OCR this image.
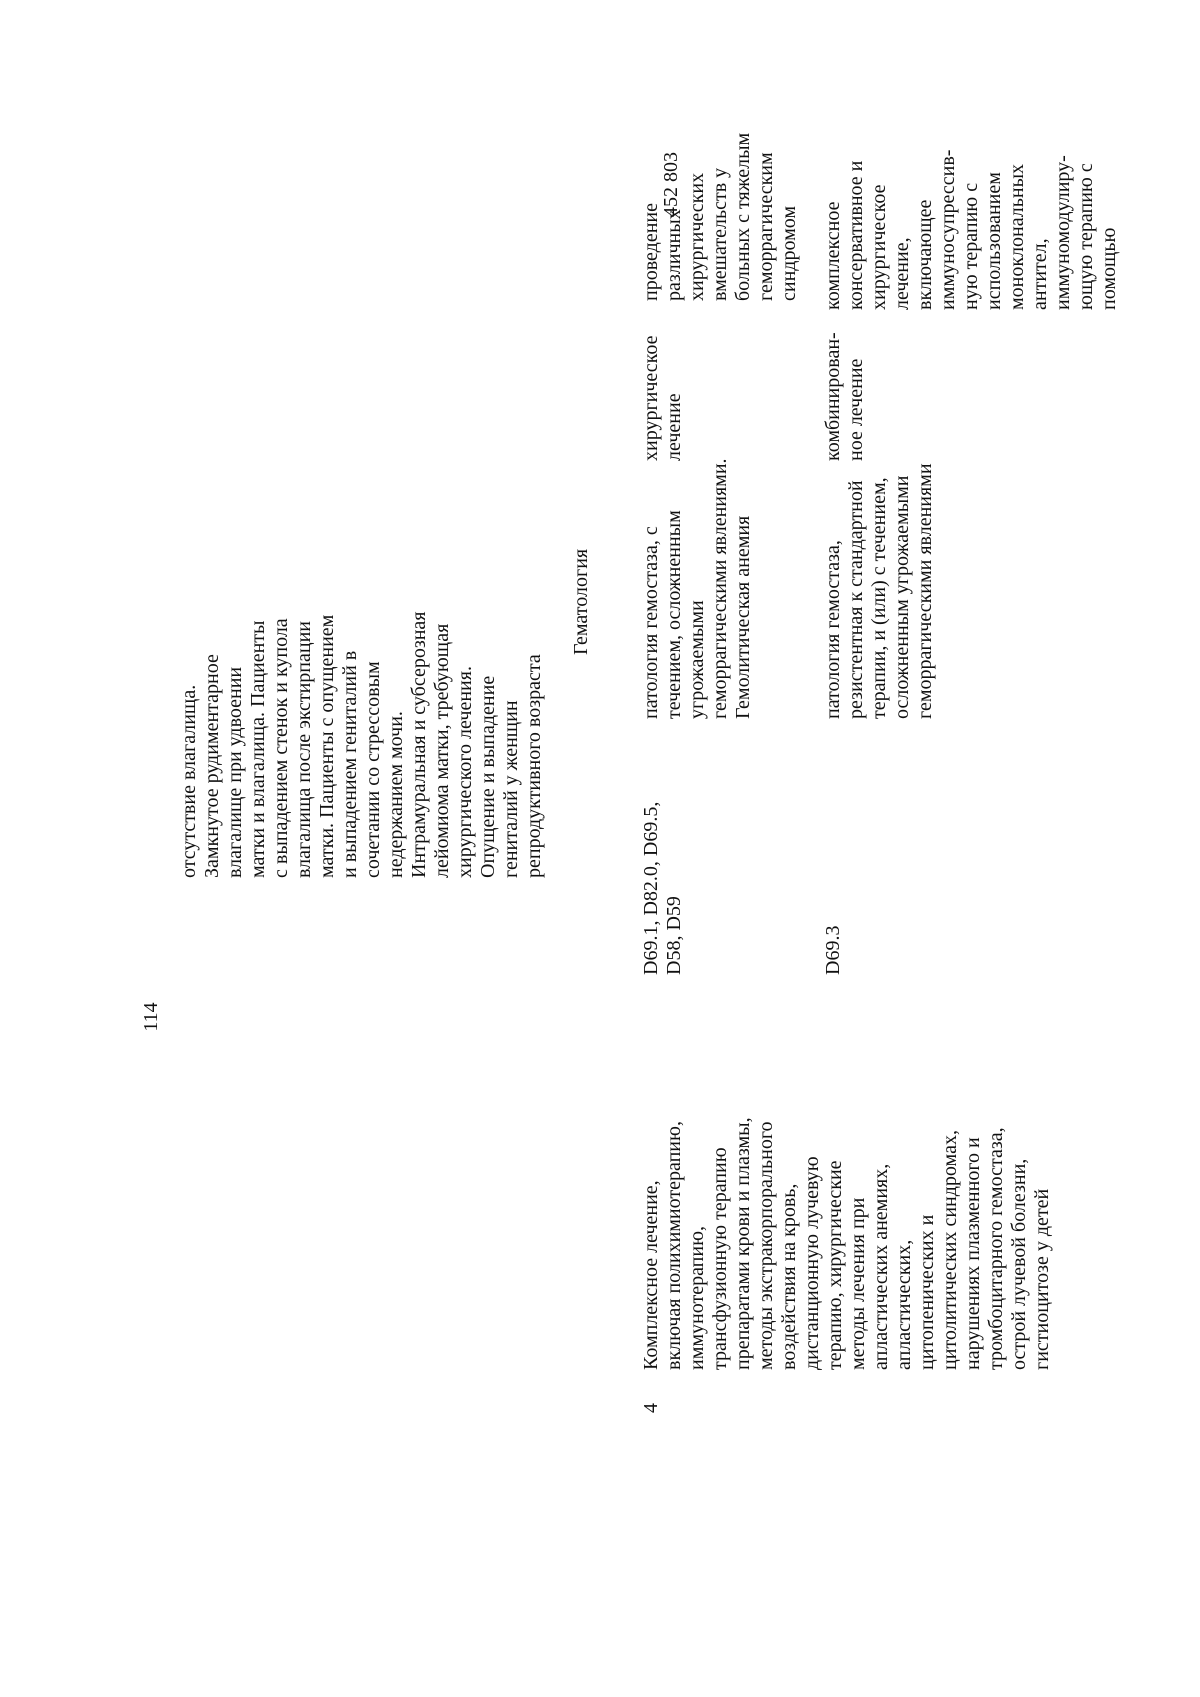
114
452 803
отсутствие влагалища. Замкнутое рудиментарное влагалище при удвоении матки и влагалища. Пациенты с выпадением стенок и купола влагалища после экстирпации матки. Пациенты с опущением и выпадением гениталий в сочетании со стрессовым недержанием мочи. Интрамуральная и субсерозная лейомиома матки, требующая хирургического лечения. Опущение и выпадение гениталий у женщин репродуктивного возраста
Гематология
4
Комплексное лечение, включая полихимиотерапию, иммунотерапию, трансфузионную терапию препаратами крови и плазмы, методы экстракорпорального воздействия на кровь, дистанционную лучевую терапию, хирургические методы лечения при апластических анемиях, апластических, цитопенических и цитолитических синдромах, нарушениях плазменного и тромбоцитарного гемостаза, острой лучевой болезни, гистиоцитозе у детей
D69.1, D82.0, D69.5, D58, D59
патология гемостаза, с течением, осложненным угрожаемыми геморрагическими явлениями. Гемолитическая анемия
хирургическое лечение
проведение различных хирургических вмешательств у больных с тяжелым геморрагическим синдромом
D69.3
патология гемостаза, резистентная к стандартной терапии, и (или) с течением, осложненным угрожаемыми геморрагическими явлениями
комбинирован- ное лечение
комплексное консервативное и хирургическое лечение, включающее иммуносупрессив- ную терапию с использованием моноклональных антител, иммуномодулиру- ющую терапию с помощью
